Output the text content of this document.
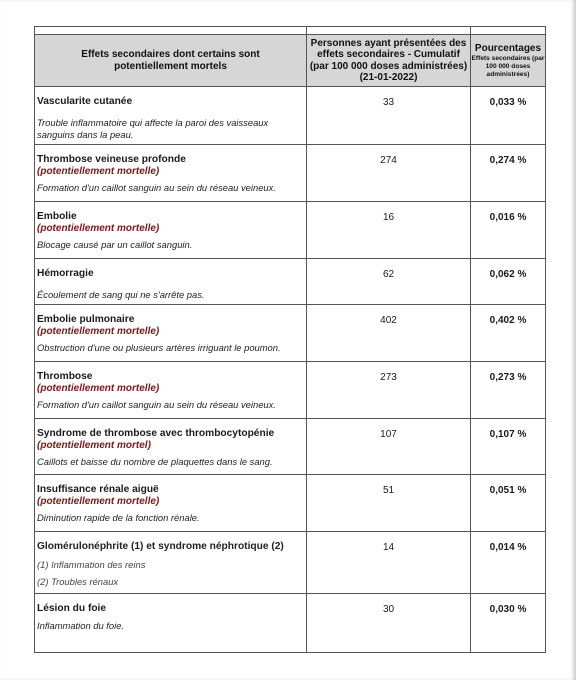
Effets secondaires dont certains sont potentiellement mortels	Personnes ayant présentées des effets secondaires - Cumulatif (par 100 000 doses administrées) (21-01-2022)	Pourcentages
Effets secondaires (par 100 000 doses administrées)

Vascularite cutanée
Trouble inflammatoire qui affecte la paroi des vaisseaux sanguins dans la peau.	33	0,033 %

Thrombose veineuse profonde
(potentiellement mortelle)
Formation d'un caillot sanguin au sein du réseau veineux.	274	0,274 %

Embolie
(potentiellement mortelle)
Blocage causé par un caillot sanguin.	16	0,016 %

Hémorragie
Écoulement de sang qui ne s'arrête pas.	62	0,062 %

Embolie pulmonaire
(potentiellement mortelle)
Obstruction d'une ou plusieurs artères irriguant le poumon.	402	0,402 %

Thrombose
(potentiellement mortelle)
Formation d'un caillot sanguin au sein du réseau veineux.	273	0,273 %

Syndrome de thrombose avec thrombocytopénie
(potentiellement mortel)
Caillots et baisse du nombre de plaquettes dans le sang.	107	0,107 %

Insuffisance rénale aiguë
(potentiellement mortelle)
Diminution rapide de la fonction rénale.	51	0,051 %

Glomérulonéphrite (1) et syndrome néphrotique (2)
(1) Inflammation des reins
(2) Troubles rénaux	14	0,014 %

Lésion du foie
Inflammation du foie.	30	0,030 %
